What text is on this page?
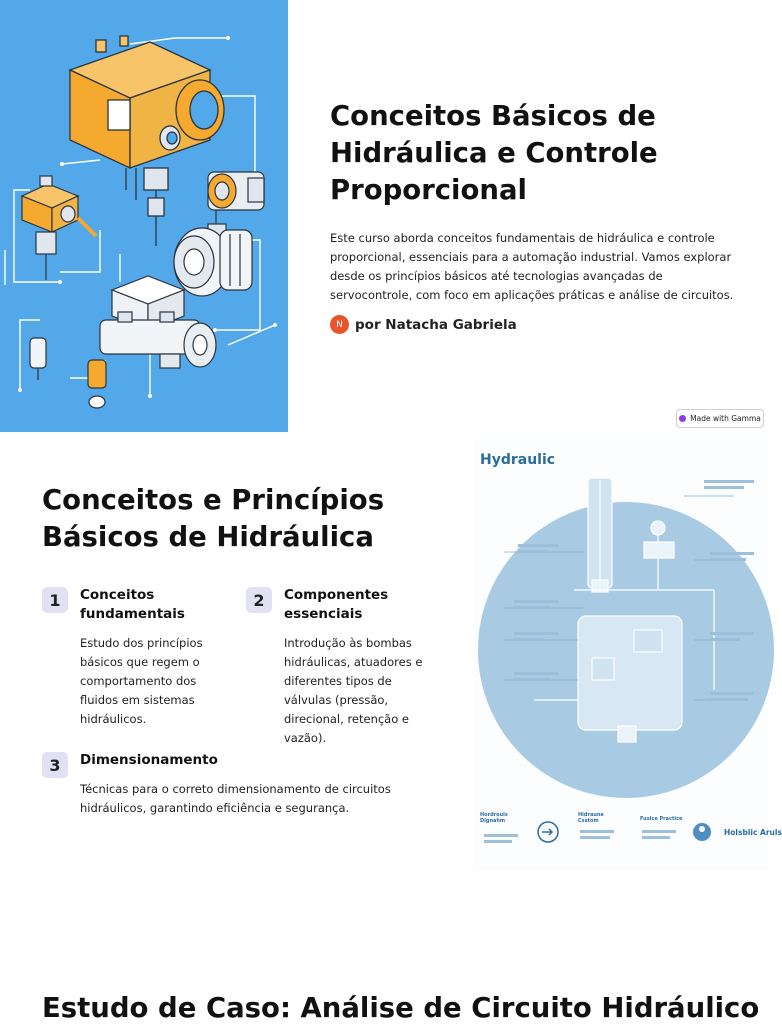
Conceitos Básicos de Hidráulica e Controle Proporcional

Este curso aborda conceitos fundamentais de hidráulica e controle proporcional, essenciais para a automação industrial. Vamos explorar desde os princípios básicos até tecnologias avançadas de servocontrole, com foco em aplicações práticas e análise de circuitos.

N por Natacha Gabriela
Made with Gamma
Conceitos e Princípios Básicos de Hidráulica
1	Conceitos fundamentais

Estudo dos princípios básicos que regem o comportamento dos fluidos em sistemas hidráulicos.

2	Componentes essenciais

Introdução às bombas hidráulicas, atuadores e diferentes tipos de válvulas (pressão, direcional, retenção e vazão).

3	Dimensionamento

Técnicas para o correto dimensionamento de circuitos hidráulicos, garantindo eficiência e segurança.

Hydraulic
Hordrouls Dignahm
Hidraune Csstom	Fuslce Practice
Holsblic Aruls
Estudo de Caso: Análise de Circuito Hidráulico
